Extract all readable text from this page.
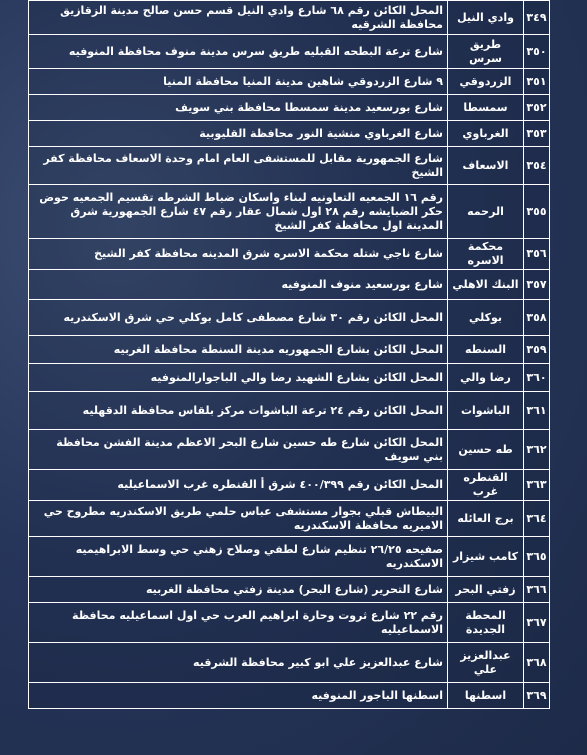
٣٤٩	وادي النيل	المحل الكائن رقم ٦٨ شارع وادي النيل قسم حسن صالح مدينة الزقازيق محافظة الشرقيه
٣٥٠	طريق سرس	شارع ترعة البطحه القبليه طريق سرس مدينة منوف محافظة المنوفيه
٣٥١	الزردوقي	٩ شارع الزردوقي شاهين مدينة المنيا محافظة المنيا
٣٥٢	سمسطا	شارع بورسعيد مدينة سمسطا محافظة بني سويف
٣٥٣	الغرباوي	شارع الغرباوي منشية النور محافظة القليوبية
٣٥٤	الاسعاف	شارع الجمهورية مقابل للمستشفى العام امام وحدة الاسعاف محافظة كفر الشيخ
٣٥٥	الرحمه	رقم ١٦ الجمعيه التعاونيه لبناء واسكان ضباط الشرطه تقسيم الجمعيه حوض حكر الضبايشه رقم ٢٨ اول شمال عقار رقم ٤٧ شارع الجمهورية شرق المدينة اول محافظة كفر الشيخ
٣٥٦	محكمة الاسره	شارع ناجي شتله محكمة الاسره شرق المدينه محافظة كفر الشيخ
٣٥٧	البنك الاهلي	شارع بورسعيد منوف المنوفيه
٣٥٨	بوكلي	المحل الكائن رقم ٣٠ شارع مصطفى كامل بوكلي حي شرق الاسكندريه
٣٥٩	السنطه	المحل الكائن بشارع الجمهوريه مدينة السنطة محافظة الغربيه
٣٦٠	رضا والي	المحل الكائن بشارع الشهيد رضا والي الباجوارالمنوفيه
٣٦١	الباشوات	المحل الكائن رقم ٢٤ ترعة الباشوات مركز بلقاس محافظة الدقهليه
٣٦٢	طه حسين	المحل الكائن شارع طه حسين شارع البحر الاعظم مدينة الفشن محافظة بني سويف
٣٦٣	القنطره غرب	المحل الكائن رقم ٤٠٠/٣٩٩ شرق أ القنطره غرب الاسماعيليه
٣٦٤	برج العائله	البيطاش قبلي بجوار مستشفى عباس حلمي طريق الاسكندريه مطروح حي الاميريه محافظة الاسكندريه
٣٦٥	كامب شيزار	صفيحه ٢٦/٢٥ تنظيم شارع لطفي وصلاح زهني حي وسط الابراهيميه الاسكندريه
٣٦٦	زفتي البحر	شارع التحرير (شارع البحر) مدينة زفتي محافظة الغربيه
٣٦٧	المحطة الجديدة	رقم ٢٢ شارع ثروت وحارة ابراهيم العرب حي اول اسماعيليه محافظة الاسماعيليه
٣٦٨	عبدالعزيز علي	شارع عبدالعزيز علي ابو كبير محافظة الشرقيه
٣٦٩	اسطنها	اسطنها الباجور المنوفيه
